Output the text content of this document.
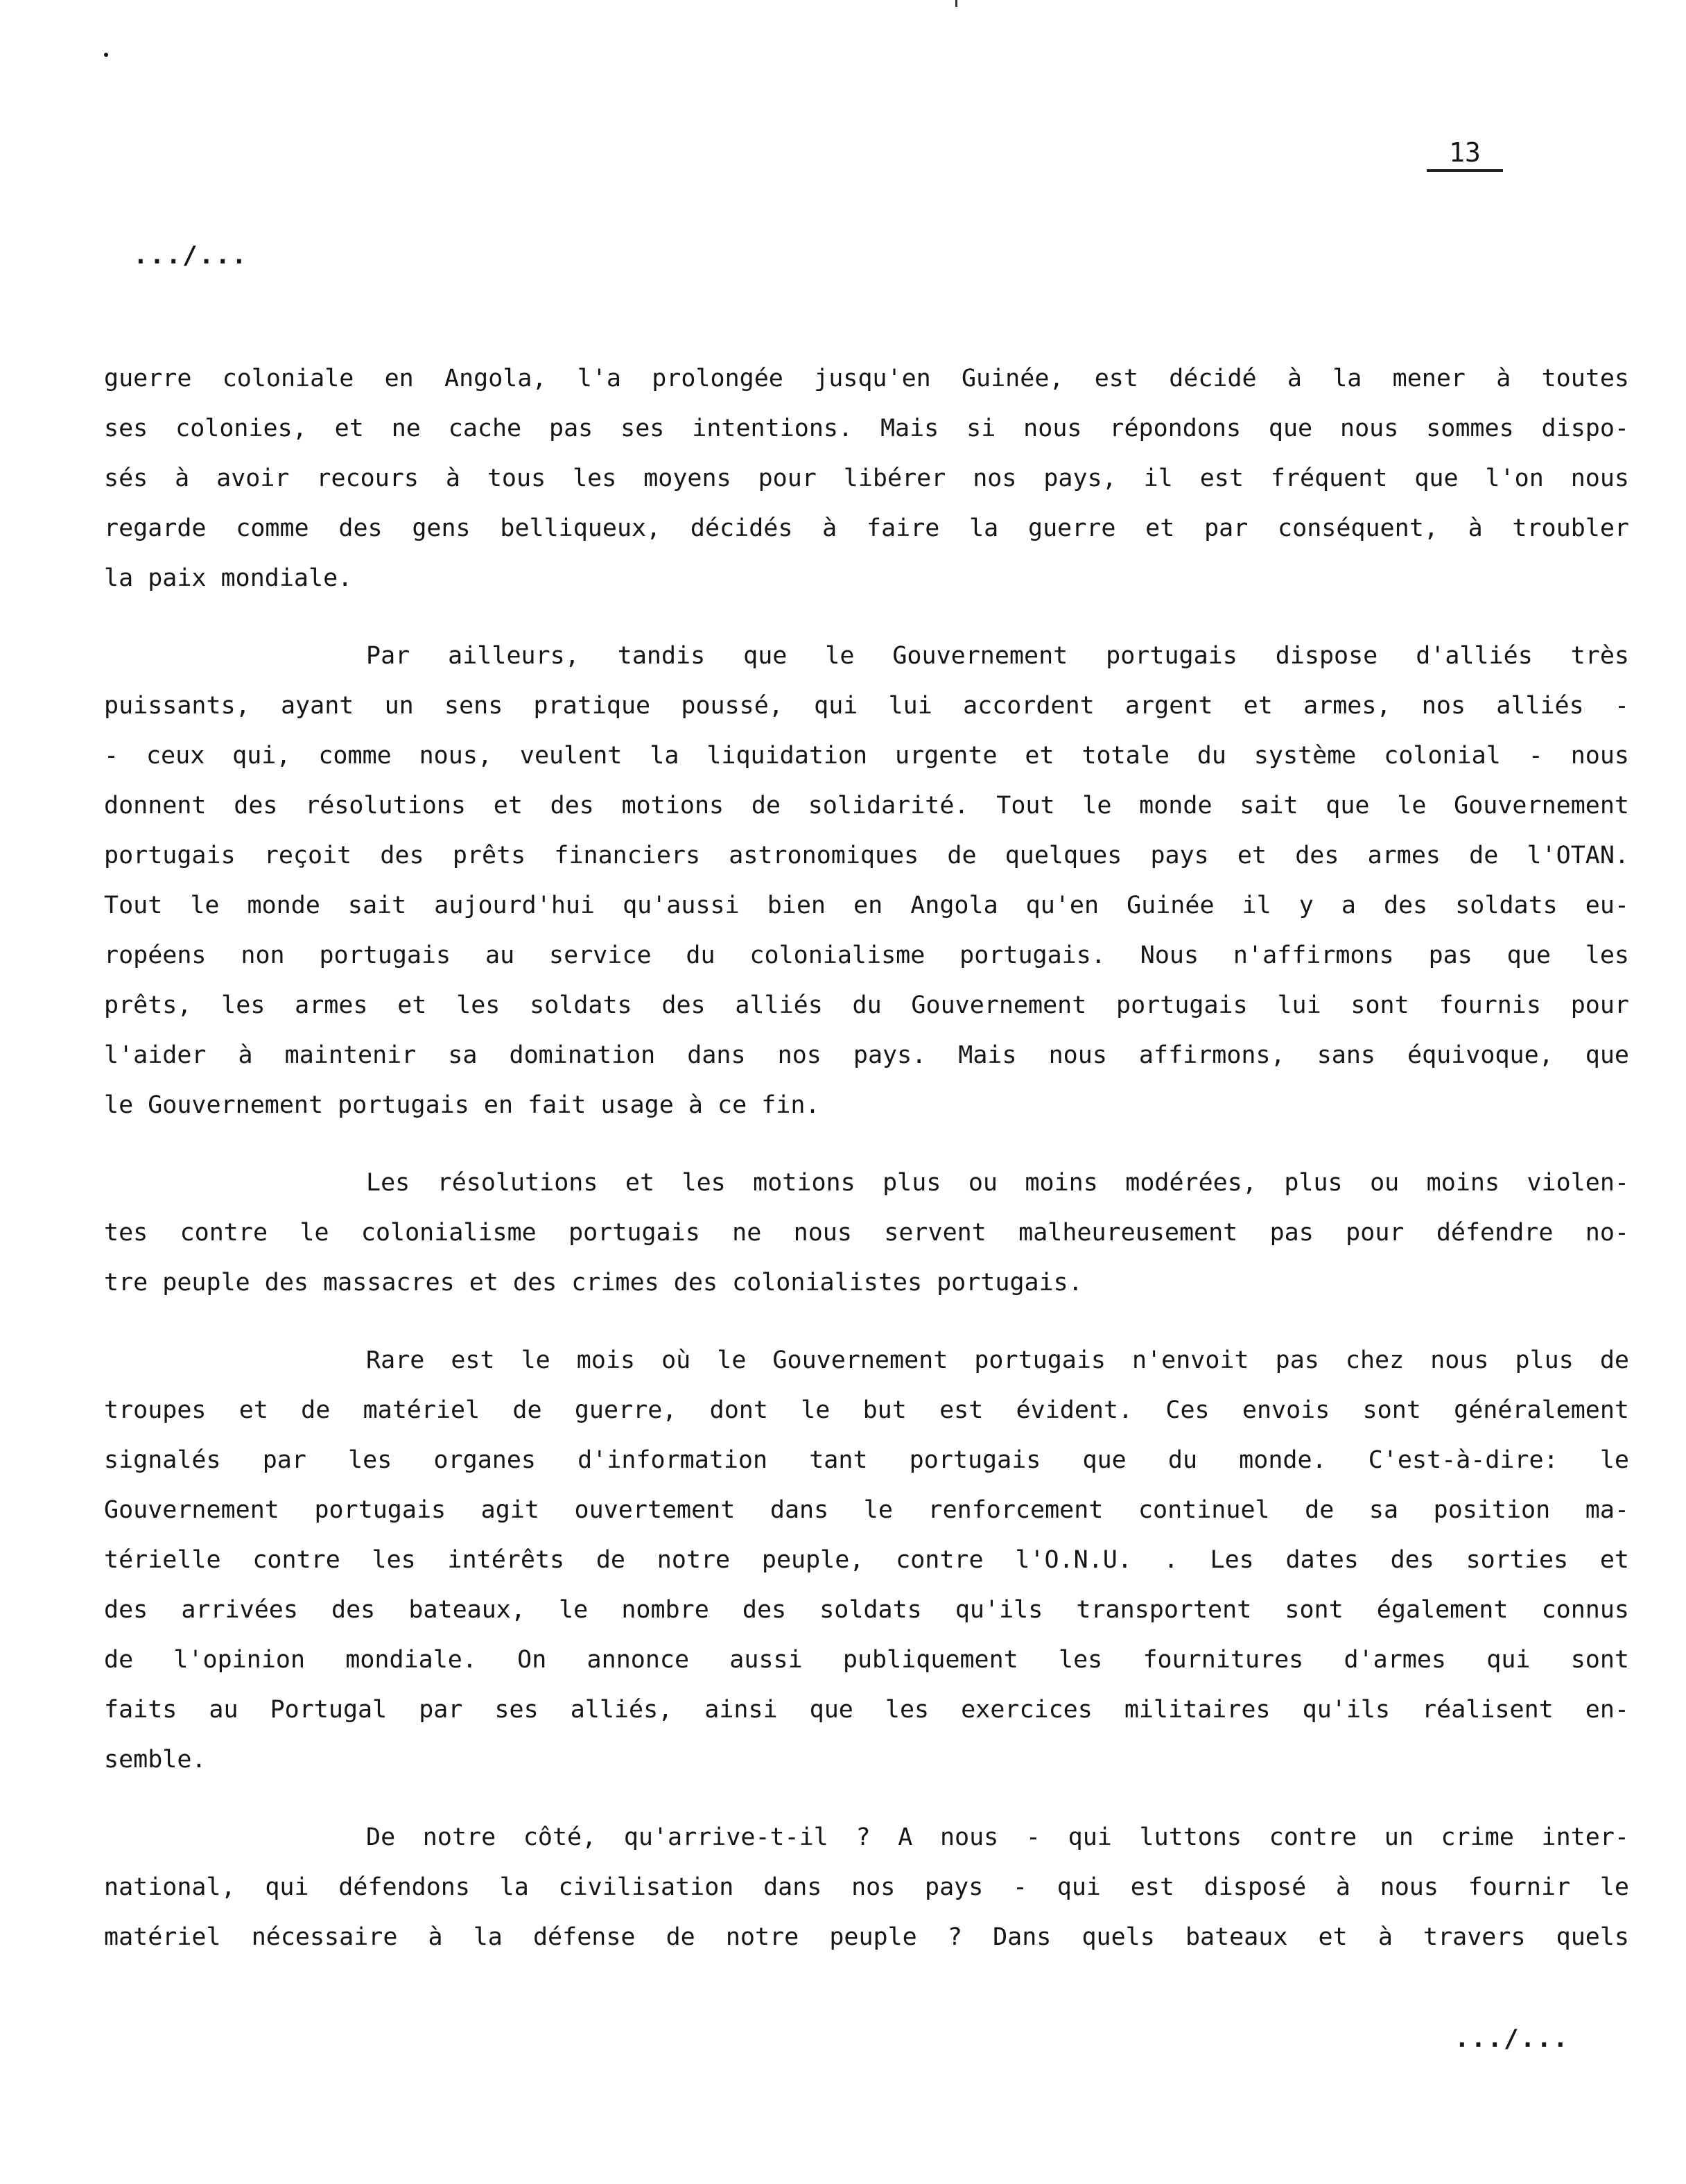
13
.../...
guerre coloniale en Angola, l'a prolongée jusqu'en Guinée, est décidé à la mener à toutes
ses colonies, et ne cache pas ses intentions. Mais si nous répondons que nous sommes dispo-
sés à avoir recours à tous les moyens pour libérer nos pays, il est fréquent que l'on nous
regarde comme des gens belliqueux, décidés à faire la guerre et par conséquent, à troubler
la paix mondiale.
Par ailleurs, tandis que le Gouvernement portugais dispose d'alliés très
puissants, ayant un sens pratique poussé, qui lui accordent argent et armes, nos alliés -
- ceux qui, comme nous, veulent la liquidation urgente et totale du système colonial - nous
donnent des résolutions et des motions de solidarité. Tout le monde sait que le Gouvernement
portugais reçoit des prêts financiers astronomiques de quelques pays et des armes de l'OTAN.
Tout le monde sait aujourd'hui qu'aussi bien en Angola qu'en Guinée il y a des soldats eu-
ropéens non portugais au service du colonialisme portugais. Nous n'affirmons pas que les
prêts, les armes et les soldats des alliés du Gouvernement portugais lui sont fournis pour
l'aider à maintenir sa domination dans nos pays. Mais nous affirmons, sans équivoque, que
le Gouvernement portugais en fait usage à ce fin.
Les résolutions et les motions plus ou moins modérées, plus ou moins violen-
tes contre le colonialisme portugais ne nous servent malheureusement pas pour défendre no-
tre peuple des massacres et des crimes des colonialistes portugais.
Rare est le mois où le Gouvernement portugais n'envoit pas chez nous plus de
troupes et de matériel de guerre, dont le but est évident. Ces envois sont généralement
signalés par les organes d'information tant portugais que du monde. C'est-à-dire: le
Gouvernement portugais agit ouvertement dans le renforcement continuel de sa position ma-
térielle contre les intérêts de notre peuple, contre l'O.N.U. . Les dates des sorties et
des arrivées des bateaux, le nombre des soldats qu'ils transportent sont également connus
de l'opinion mondiale. On annonce aussi publiquement les fournitures d'armes qui sont
faits au Portugal par ses alliés, ainsi que les exercices militaires qu'ils réalisent en-
semble.
De notre côté, qu'arrive-t-il ? A nous - qui luttons contre un crime inter-
national, qui défendons la civilisation dans nos pays - qui est disposé à nous fournir le
matériel nécessaire à la défense de notre peuple ? Dans quels bateaux et à travers quels
.../...
